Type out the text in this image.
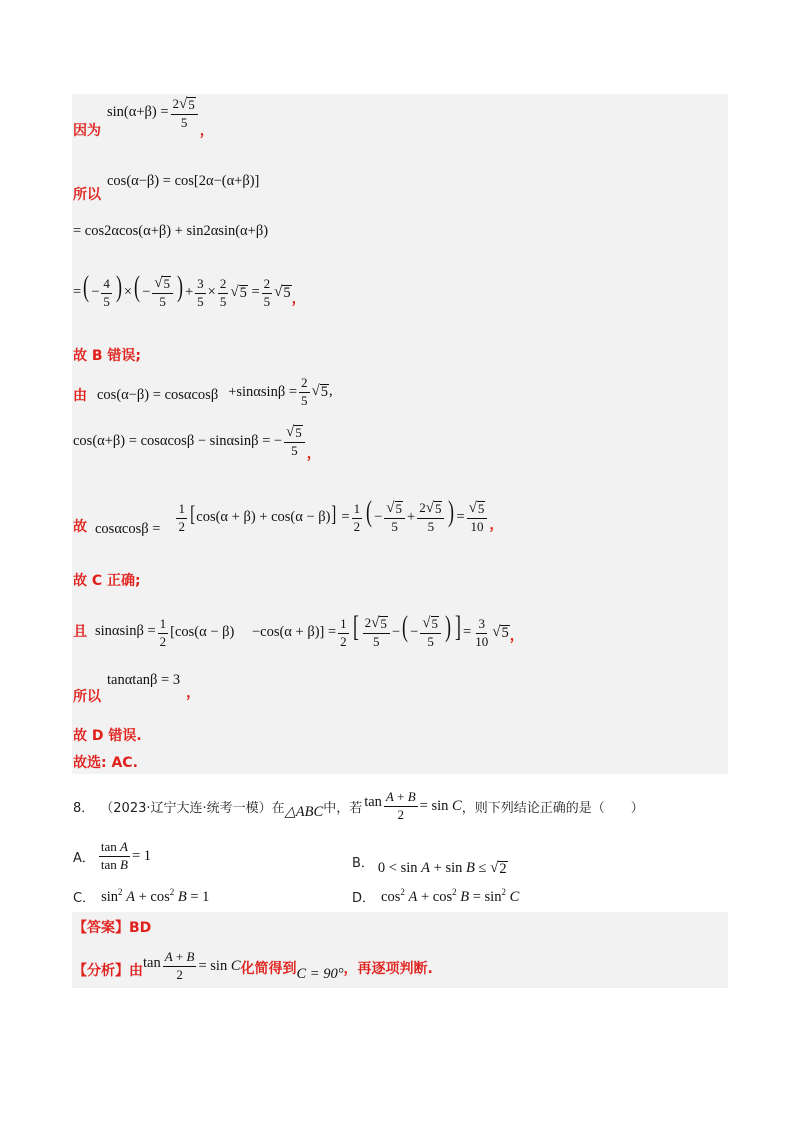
因为
$\sin(\alpha+\beta) = \frac{2 √ 5}{5}$
，
所以
cos(α−β) = cos[2α−(α+β)]
= cos2αcos(α+β) + sin2αsin(α+β)
=( − $\frac{4}{5}$ ) ×( − $\frac{√ 5}{5}$ ) + $\frac{3}{5} \times \frac{2}{5}$ √ $5 = \frac{2}{5}$ √ 5 ，
故 B 错误;
由 $\cos(\alpha-\beta) = \cos\alpha\cos\beta +\sin\alpha\sin\beta = \frac{2}{5}$ √ 5 ,
cos(α+β) = cosαcosβ − sinαsinβ = − $\frac{√ 5}{5}$ ，
故 $\cos\alpha\cos\beta = \frac{1}{2} [\cos(\alpha + \beta) + \cos(\alpha - \beta)] = \frac{1}{2}$ ( − $\frac{√ 5}{5} + \frac{2 √ 5}{5}$ ) = $\frac{√ 5}{10}$ ，
故 C 正确;
且 $\sin\alpha\sin\beta = \frac{1}{2} [\cos(\alpha - \beta) -\cos(\alpha + \beta)] = \frac{1}{2}$ [ $\frac{2 √ 5}{5}$ −( − $\frac{√ 5}{5}$ ) ] = $\frac{3}{10}$ √ 5 ，
所以
tanαtanβ = 3
，
故 D 错误.
故选: AC.
8． （2023·辽宁大连·统考一模）在 △ABC 中，若 $\tan \frac{A + B}{2} = \sin C$ ，则下列结论正确的是（　　）
A． $\frac{\text{tan A}}{\text{tan B}} = 1$	B． 0 < sin A + sin B ≤ √ 2
C． $\sin^2 A + \cos^2 B = 1$	D． $\cos^2 A + \cos^2 B = \sin^2 C$
【答案】BD
【分析】由
$\tan \frac{A + B}{2} = \sin C$ 化简得到 C = 90° ，再逐项判断.
